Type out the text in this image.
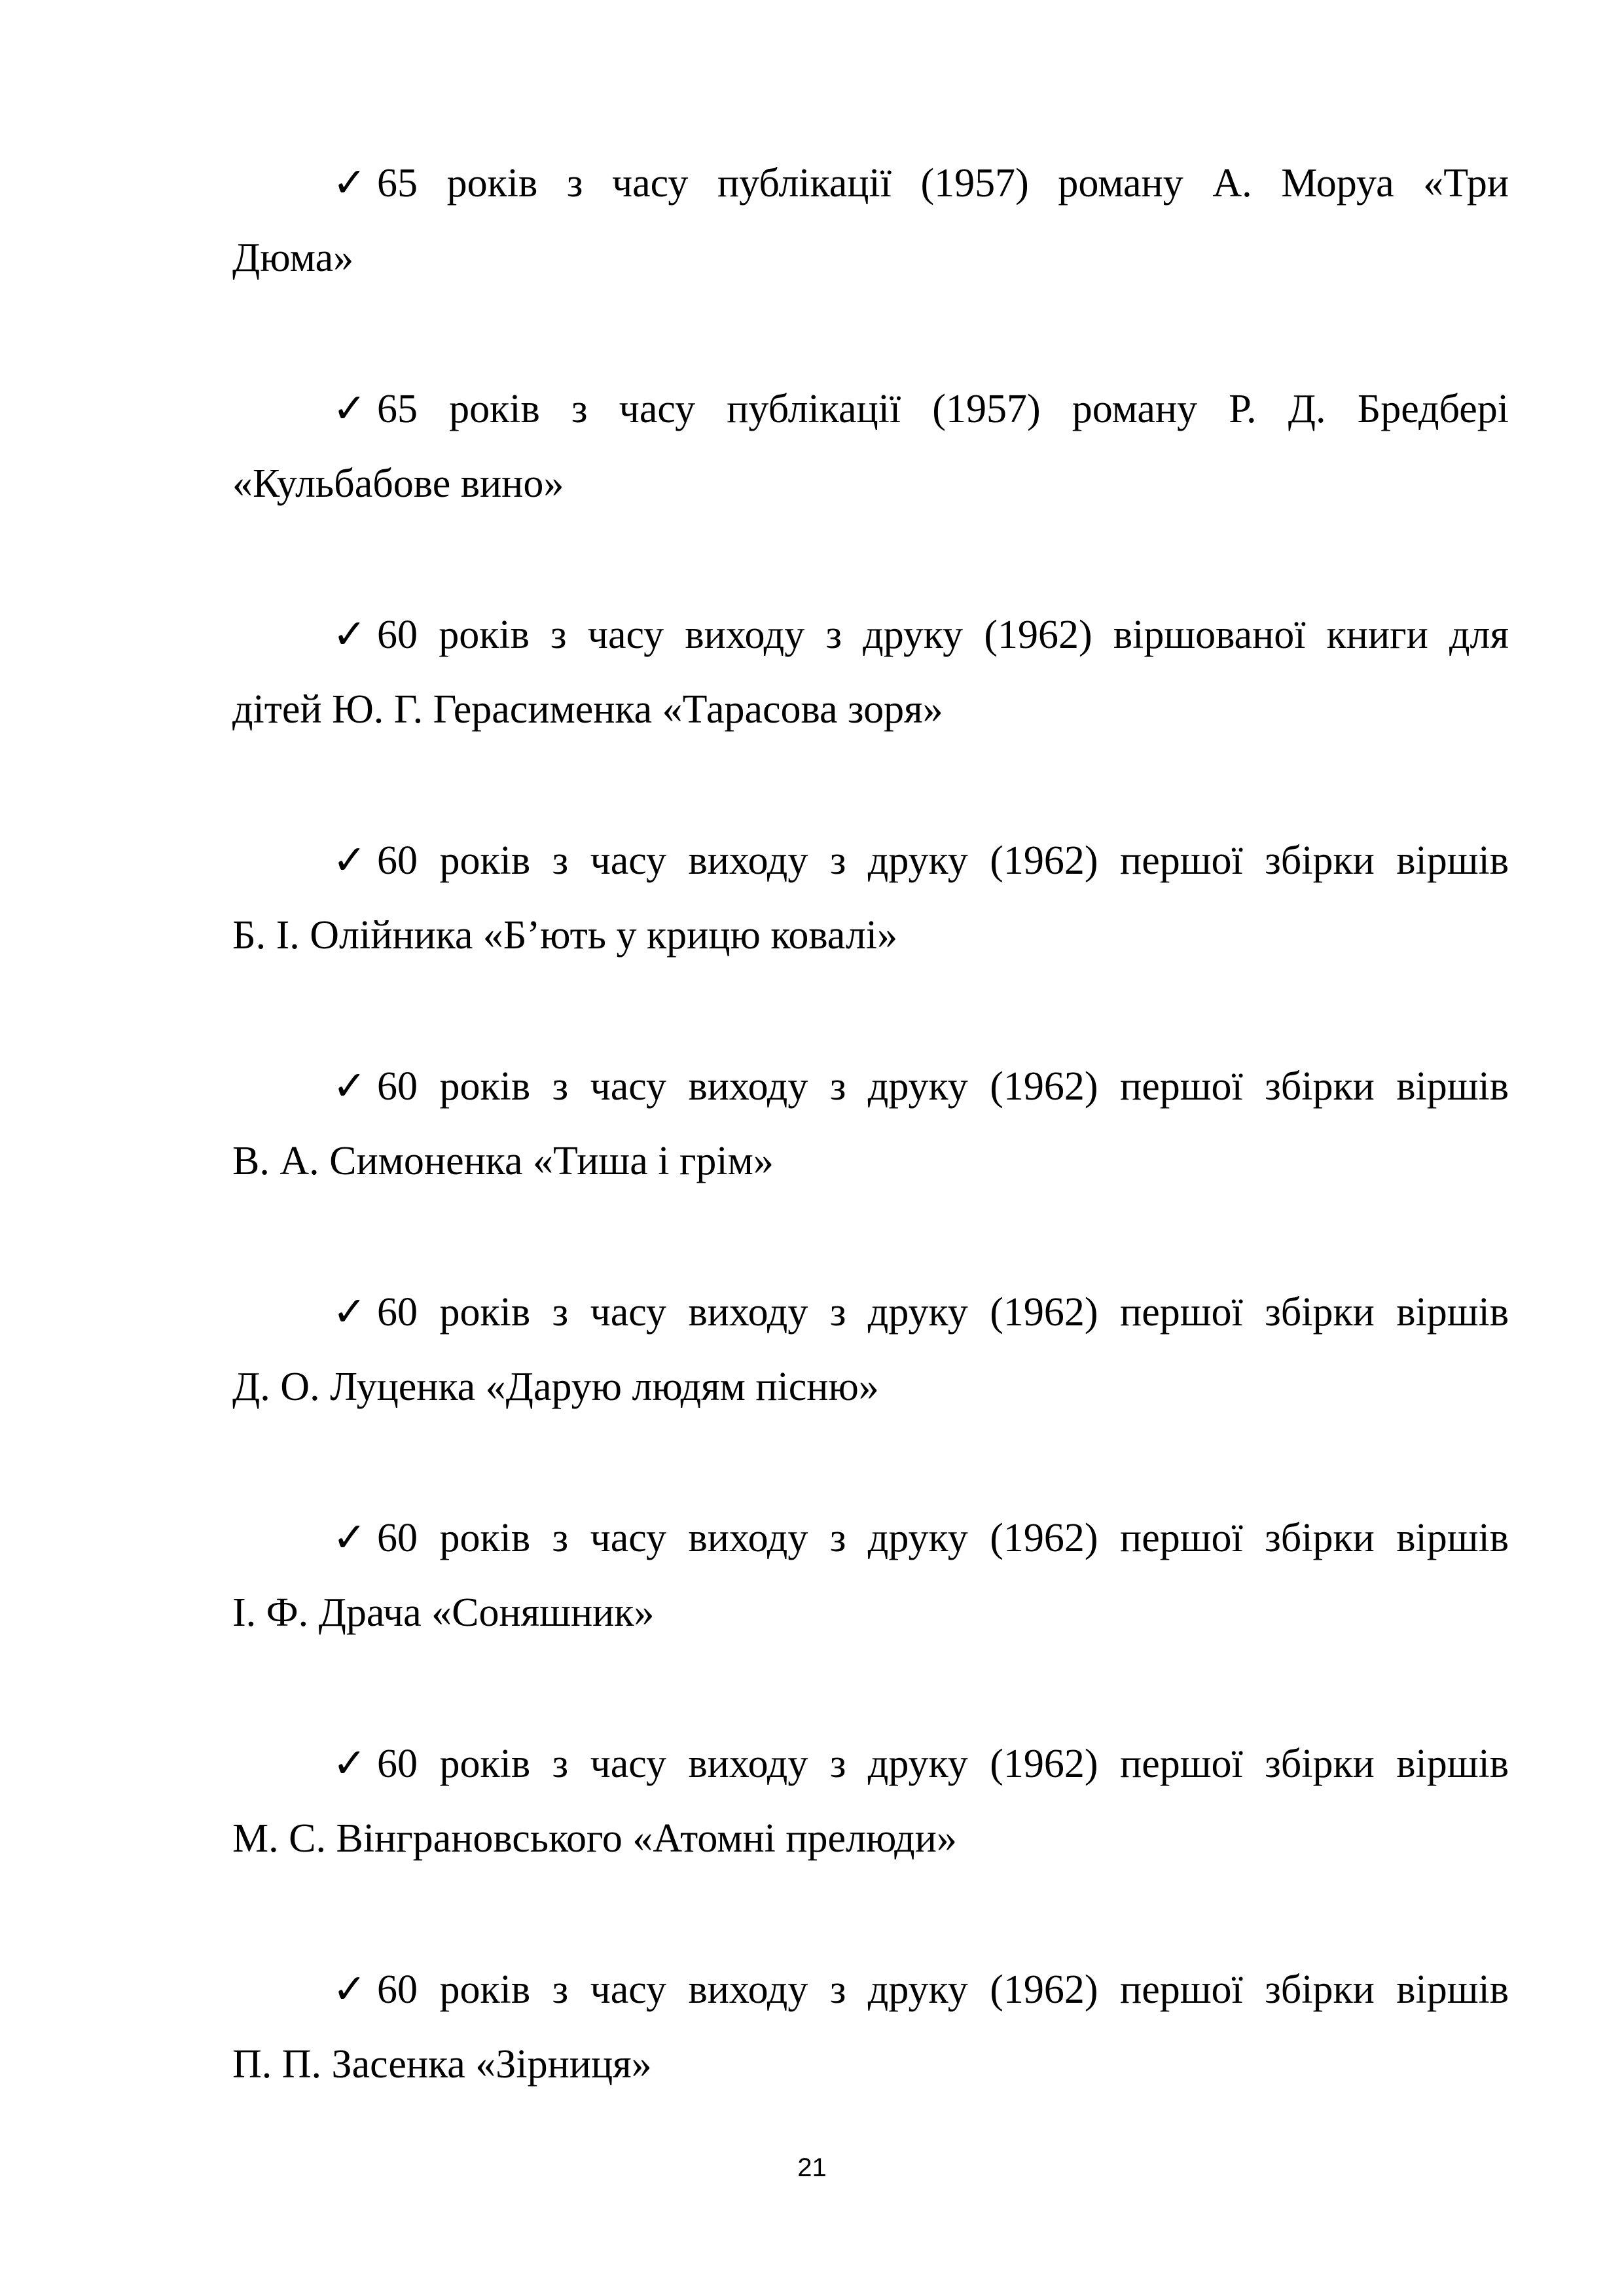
✓ 65 років з часу публікації (1957) роману А. Моруа «Три
Дюма»
✓ 65 років з часу публікації (1957) роману Р. Д. Бредбері
«Кульбабове вино»
✓ 60 років з часу виходу з друку (1962) віршованої книги для
дітей Ю. Г. Герасименка «Тарасова зоря»
✓ 60 років з часу виходу з друку (1962) першої збірки віршів
Б. І. Олійника «Б’ють у крицю ковалі»
✓ 60 років з часу виходу з друку (1962) першої збірки віршів
В. А. Симоненка «Тиша і грім»
✓ 60 років з часу виходу з друку (1962) першої збірки віршів
Д. О. Луценка «Дарую людям пісню»
✓ 60 років з часу виходу з друку (1962) першої збірки віршів
І. Ф. Драча «Соняшник»
✓ 60 років з часу виходу з друку (1962) першої збірки віршів
М. С. Вінграновського «Атомні прелюди»
✓ 60 років з часу виходу з друку (1962) першої збірки віршів
П. П. Засенка «Зірниця»
21
